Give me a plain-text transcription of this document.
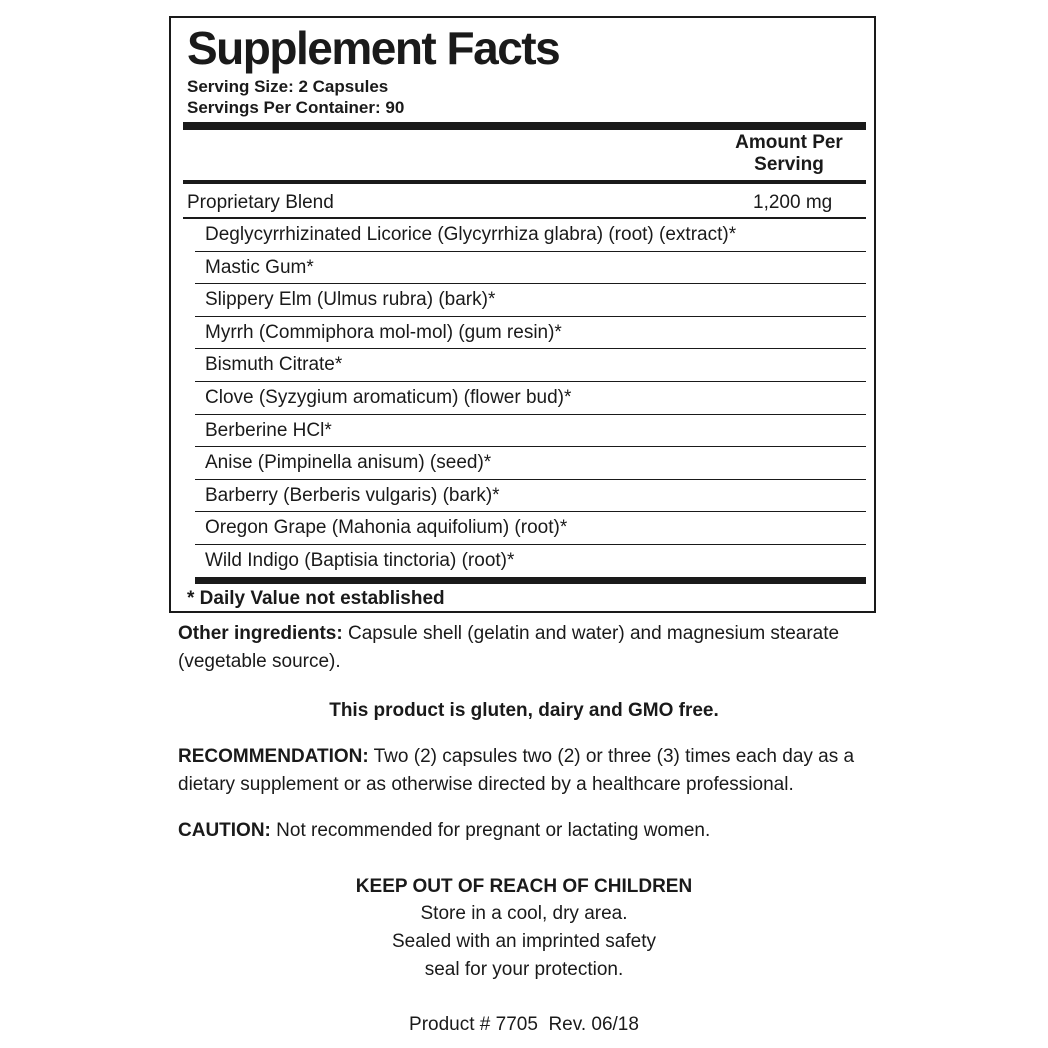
Supplement Facts
Serving Size: 2 Capsules
Servings Per Container: 90
Amount Per
Serving
Proprietary Blend	1,200 mg
Deglycyrrhizinated Licorice (Glycyrrhiza glabra) (root) (extract)*
Mastic Gum*
Slippery Elm (Ulmus rubra) (bark)*
Myrrh (Commiphora mol-mol) (gum resin)*
Bismuth Citrate*
Clove (Syzygium aromaticum) (flower bud)*
Berberine HCl*
Anise (Pimpinella anisum) (seed)*
Barberry (Berberis vulgaris) (bark)*
Oregon Grape (Mahonia aquifolium) (root)*
Wild Indigo (Baptisia tinctoria) (root)*
* Daily Value not established

Other ingredients: Capsule shell (gelatin and water) and magnesium stearate (vegetable source).

This product is gluten, dairy and GMO free.

RECOMMENDATION: Two (2) capsules two (2) or three (3) times each day as a dietary supplement or as otherwise directed by a healthcare professional.

CAUTION: Not recommended for pregnant or lactating women.

KEEP OUT OF REACH OF CHILDREN
Store in a cool, dry area.
Sealed with an imprinted safety
seal for your protection.
Product # 7705  Rev. 06/18
